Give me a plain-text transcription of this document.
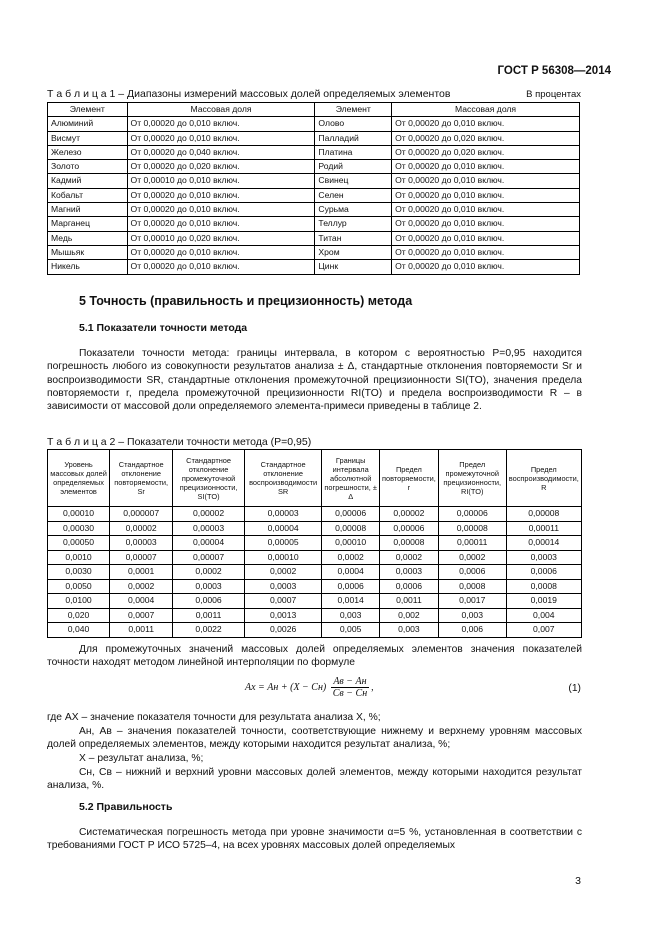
ГОСТ Р 56308—2014
Т а б л и ц а 1 – Диапазоны измерений массовых долей определяемых элементов	В процентах
Элемент	Массовая доля	Элемент	Массовая доля
Алюминий	От 0,00020 до 0,010 включ.	Олово	От 0,00020 до 0,010 включ.
Висмут	От 0,00020 до 0,010 включ.	Палладий	От 0,00020 до 0,020 включ.
Железо	От 0,00020 до 0,040 включ.	Платина	От 0,00020 до 0,020 включ.
Золото	От 0,00020 до 0,020 включ.	Родий	От 0,00020 до 0,010 включ.
Кадмий	От 0,00010 до 0,010 включ.	Свинец	От 0,00020 до 0,010 включ.
Кобальт	От 0,00020 до 0,010 включ.	Селен	От 0,00020 до 0,010 включ.
Магний	От 0,00020 до 0,010 включ.	Сурьма	От 0,00020 до 0,010 включ.
Марганец	От 0,00020 до 0,010 включ.	Теллур	От 0,00020 до 0,010 включ.
Медь	От 0,00010 до 0,020 включ.	Титан	От 0,00020 до 0,010 включ.
Мышьяк	От 0,00020 до 0,010 включ.	Хром	От 0,00020 до 0,010 включ.
Никель	От 0,00020 до 0,010 включ.	Цинк	От 0,00020 до 0,010 включ.
5 Точность (правильность и прецизионность) метода
5.1 Показатели точности метода
Показатели точности метода: границы интервала, в котором с вероятностью P=0,95 находится погрешность любого из совокупности результатов анализа ± Δ, стандартные отклонения повторяемости Sr и воспроизводимости SR, стандартные отклонения промежуточной прецизионности SI(TO), значения предела повторяемости r, предела промежуточной прецизионности RI(TO) и предела воспроизводимости R – в зависимости от массовой доли определяемого элемента-примеси приведены в таблице 2.
Т а б л и ц а 2 – Показатели точности метода (P=0,95)
Уровень массовых долей определяемых элементов	Стандартное отклонение повторяемости, Sr	Стандартное отклонение промежуточной прецизионности, SI(TO)	Стандартное отклонение воспроизводимости SR	Границы интервала абсолютной погрешности, ± Δ	Предел повторяемости, r	Предел промежуточной прецизионности, RI(TO)	Предел воспроизводимости, R
0,00010	0,000007	0,00002	0,00003	0,00006	0,00002	0,00006	0,00008
0,00030	0,00002	0,00003	0,00004	0,00008	0,00006	0,00008	0,00011
0,00050	0,00003	0,00004	0,00005	0,00010	0,00008	0,00011	0,00014
0,0010	0,00007	0,00007	0,00010	0,0002	0,0002	0,0002	0,0003
0,0030	0,0001	0,0002	0,0002	0,0004	0,0003	0,0006	0,0006
0,0050	0,0002	0,0003	0,0003	0,0006	0,0006	0,0008	0,0008
0,0100	0,0004	0,0006	0,0007	0,0014	0,0011	0,0017	0,0019
0,020	0,0007	0,0011	0,0013	0,003	0,002	0,003	0,004
0,040	0,0011	0,0022	0,0026	0,005	0,003	0,006	0,007
Для промежуточных значений массовых долей определяемых элементов значения показателей точности находят методом линейной интерполяции по формуле
Aх = Aн + $(X - Cн) \frac{Aв - Aн}{Cв - Cн}$ ,	(1)
где AX – значение показателя точности для результата анализа X, %;
Aн, Aв – значения показателей точности, соответствующие нижнему и верхнему уровням массовых долей определяемых элементов, между которыми находится результат анализа, %;
X – результат анализа, %;
Cн, Cв – нижний и верхний уровни массовых долей элементов, между которыми находится результат анализа, %.
5.2 Правильность
Систематическая погрешность метода при уровне значимости α=5 %, установленная в соответствии с требованиями ГОСТ Р ИСО 5725–4, на всех уровнях массовых долей определяемых
3
